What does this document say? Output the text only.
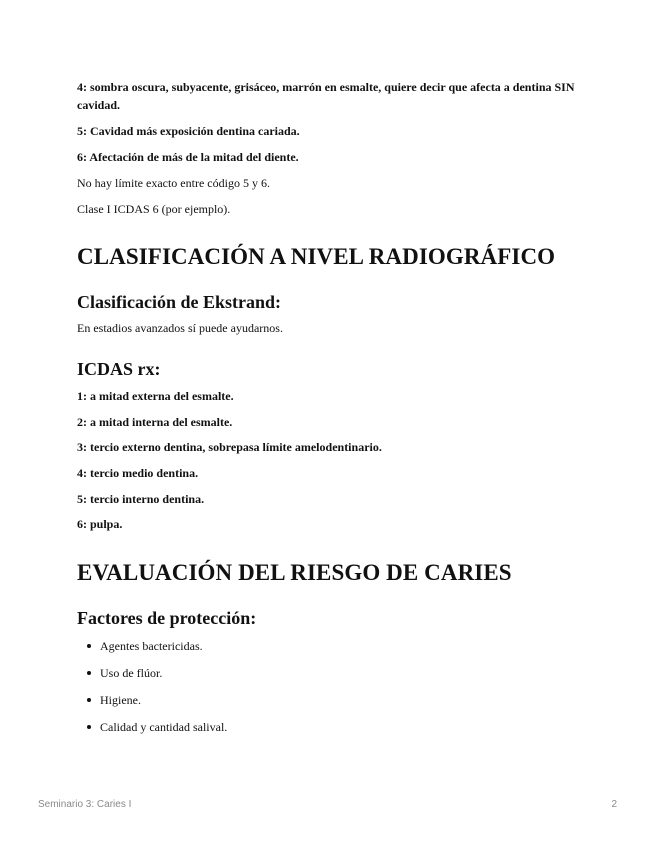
4: sombra oscura, subyacente, grisáceo, marrón en esmalte, quiere decir que afecta a dentina SIN cavidad.

5: Cavidad más exposición dentina cariada.

6: Afectación de más de la mitad del diente.

No hay límite exacto entre código 5 y 6.

Clase I ICDAS 6 (por ejemplo).

CLASIFICACIÓN A NIVEL RADIOGRÁFICO
Clasificación de Ekstrand:

En estadios avanzados sí puede ayudarnos.

ICDAS rx:

1: a mitad externa del esmalte.

2: a mitad interna del esmalte.

3: tercio externo dentina, sobrepasa límite amelodentinario.

4: tercio medio dentina.

5: tercio interno dentina.

6: pulpa.

EVALUACIÓN DEL RIESGO DE CARIES
Factores de protección:
Agentes bactericidas.
Uso de flúor.
Higiene.
Calidad y cantidad salival.
Seminario 3: Caries I	2
